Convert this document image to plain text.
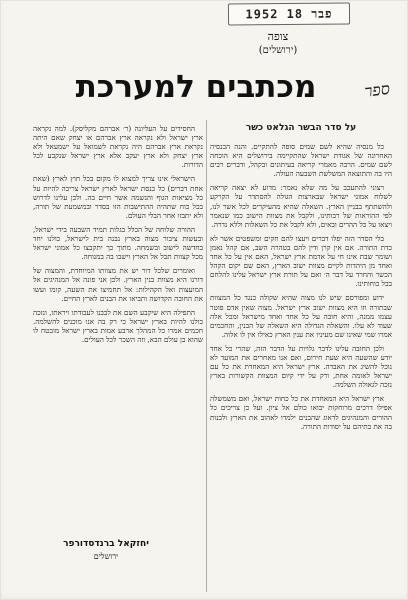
1952 פבר 18
צופה
(ירושלים)
מכתבים למערכת	ספר
על סדר הבשר הגלאט כשר

כל מנסיה שהיא לשם שמים סופה להתקיים. והנה הכנסיה האחרונה של אגודת ישראל שהתקיימה בירושלים היא הוכחה לשם שמים. הרבה מאמרי קריאה בעיתונים ובקהל, ודברים רבים היו בה והתוצאה המשלשת השבעה העולה.

רצוני להתעכב על מה שלא נאמר: מדוע לא יצאה קריאה לשלוח אמוני ישראל שבארצות הגולה להסתדר על הקרקע ולהשתתף בבניין הארץ. השאלה שהיא מהעיקרים לכל אשר לנו, לפי ההוראות של רבותינו, ולקבל את מצוות הישוב כמו שנאמר ויצאו על כל ההרים ובאים, ולא לקבל את כל השאלות וללא נדרה.

בלי הסדר הזה יפלו דברים ויעצו להם חקים ומשפטים אשר לא כדת התורה. אם אין קרן ודין להם בטהרה השב, אם קהל נאמן ושומר שבת אינו חי על אדמת ארץ ישראל, האם אין על כל אחד ואחד מן היהדות לקיים מצוות ישוב הארץ, האם שם יקום הקהל הכשר והחרד על דבר ה׳ ואם על תורת ארץ ישראל עלינו להלחם בכל כוחותינו.

ידוע ומפורסם שיש לנו מצוה שהיא שקולה כנגד כל המצוות שבתורה וזו היא מצוות ישוב ארץ ישראל. מצוה שאין אדם פוטר עצמו ממנה, והיא חובה על כל אחד ואחד מישראל ומכל אלה שעוד לא עלו. והשאלה הגדולה היא השאלה של הבנין, והחכמים אמרו שמי שאינו שם מעיניו את ענין הארץ כאילו אין לו אלוה.

ולכן החובה עלינו לדבר גלויות על הדבר הזה, שהרי כל אחד יודע שהשעה היא שעת חירום, ואם אנו מאחרים את המועד לא נוכל להשיג את האבדה. ארץ ישראל היא המאחדת את כל עם ישראל לאומה אחת, ורק על ידי קיום המצוות הקשורות בארץ נזכה לגאולה השלמה.

ארץ ישראל היא המאחדת את כל כחות ישראל, ואם משמשלה אפילו דרכים מרוחקות יבואו כולם אל ציון. ועל כן צריכים כל ההורים והמנהיגים לדאוג שהבנים ילמדו לאהוב את הארץ ולבנות בה את בתיהם על יסודות התורה.

החסידים על העליונה (ר׳ אברהם מקליסק). למה נקראה ארץ ישראל ולא נקראה ארץ אברהם או יצחק שאם היתה נקראת ארץ אברהם היה נקראת לשמואל על ישמעאל ולא ארץ יצחק ולא ארץ יעקב אלא ארץ ישראל שנקבע לכל הדורות.

הישראלי אינו צריך למצוא לו מקום בכל חוץ לארץ (שאת אחת דברים) כל כנסת ישראל לארץ ישראל צריכה להיות על כל מציאות הגוף והנשמה אשר חיים בה. ולכן עלינו לדרוש בכל כוח שתהיה ההתישבות הזו בסדר ובמשמעת של תורה, ולא יתבזו אחר הבלי העולם.

ההורה שלוחה של הכלל בגלות תמיד השבעה בידי ישראל, ובעשות ציבור מצוה בארץ נבנה בית לישראל, כולנו יחד בחדשה לישוב ובשמחה. מתוך כך יתקבצו כל אמוני ישראל מכל קצוות תבל אל הארץ וישבו בה במנוחה.

ואומרים שלכל דור יש את מצוותו המיוחדת, והמצוה של דורנו היא מצוות בנין הארץ. ולכן אני פונה אל המנהיגים אל המועצות ואל הקהילות: אל תחמיצו את השעה, קומו ועשו את החובה הקדושה ותביאו את הבנים לארץ החיים.

התפילה היא שיקבע השם את לבבנו לעבודתו ויראתו, ונזכה כולנו להיות בארץ ישראל כי רק בה אנו מוכנים להשלמה. חכמים אמרו כל המהלך ארבע אמות בארץ ישראל מובטח לו שהוא בן עולם הבא, וזה השכר לכל העולים.

יחזקאל ברנדסדורפר
ירושלים
